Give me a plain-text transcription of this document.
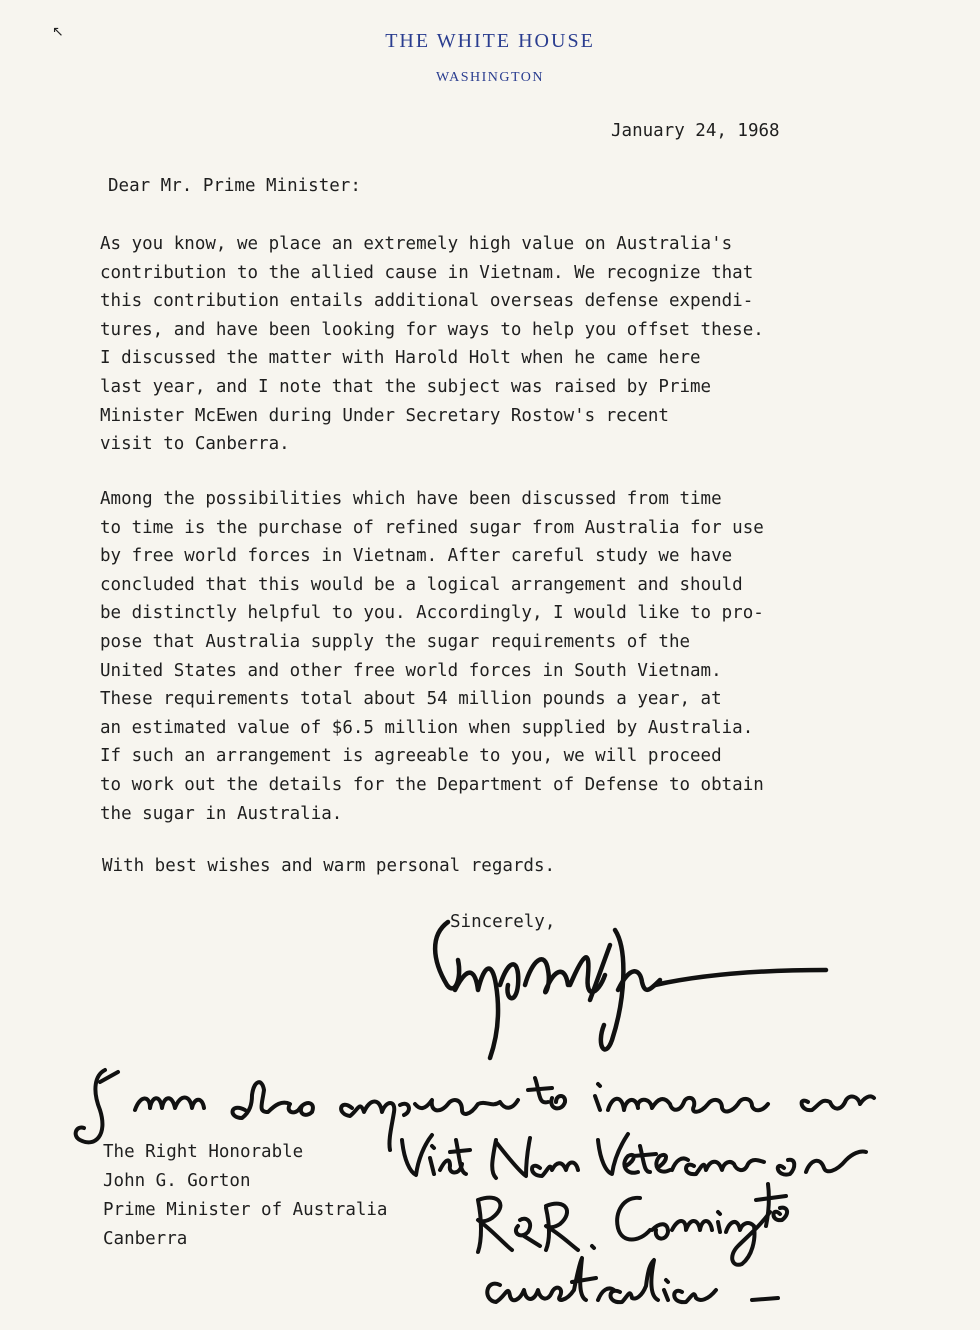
↖	THE WHITE HOUSE
WASHINGTON
January 24, 1968
Dear Mr. Prime Minister:
As you know, we place an extremely high value on Australia's
contribution to the allied cause in Vietnam. We recognize that
this contribution entails additional overseas defense expendi-
tures, and have been looking for ways to help you offset these.
I discussed the matter with Harold Holt when he came here
last year, and I note that the subject was raised by Prime
Minister McEwen during Under Secretary Rostow's recent
visit to Canberra.
Among the possibilities which have been discussed from time
to time is the purchase of refined sugar from Australia for use
by free world forces in Vietnam. After careful study we have
concluded that this would be a logical arrangement and should
be distinctly helpful to you. Accordingly, I would like to pro-
pose that Australia supply the sugar requirements of the
United States and other free world forces in South Vietnam.
These requirements total about 54 million pounds a year, at
an estimated value of $6.5 million when supplied by Australia.
If such an arrangement is agreeable to you, we will proceed
to work out the details for the Department of Defense to obtain
the sugar in Australia.
With best wishes and warm personal regards.
Sincerely,
The Right Honorable
John G. Gorton
Prime Minister of Australia
Canberra
